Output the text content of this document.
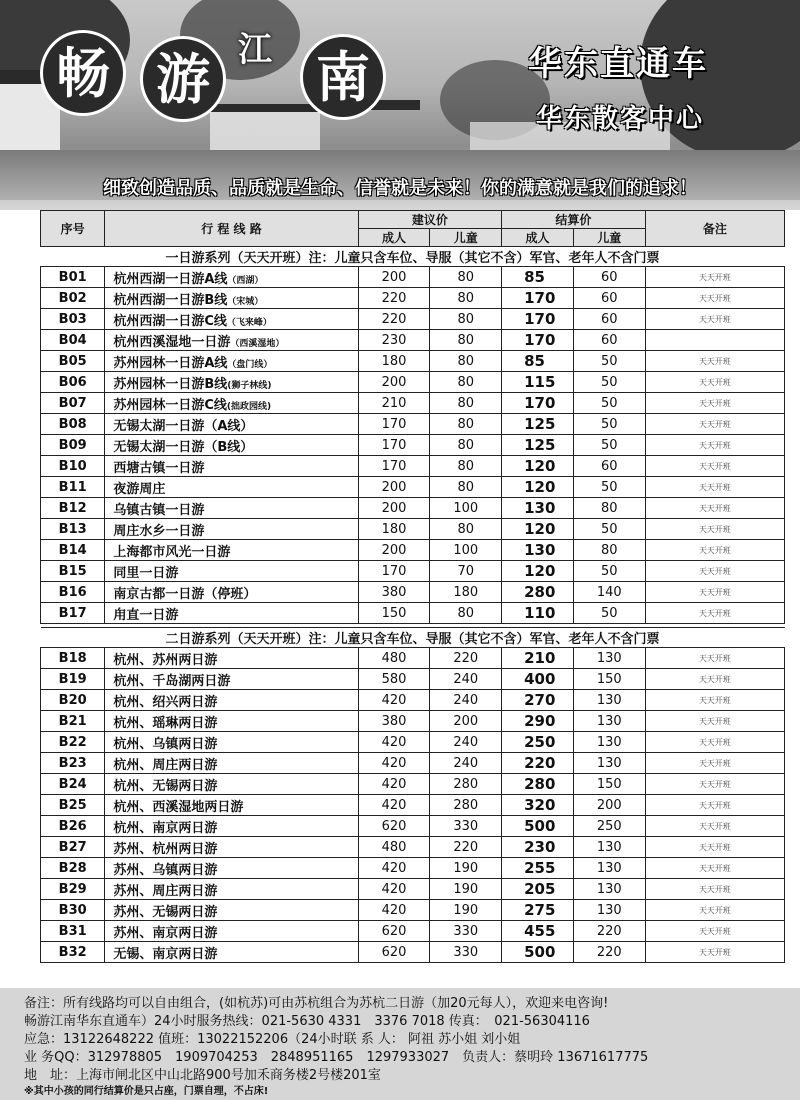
畅 游 江 南	华东直通车
华东散客中心
细致创造品质、品质就是生命、信誉就是未来！你的满意就是我们的追求！
序号	行 程 线 路	建议价		结算价		备注
		成人	儿童	成人	儿童	
一日游系列（天天开班）注：儿童只含车位、导服（其它不含）军官、老年人不含门票						
B01	杭州西湖一日游A线（西湖）	200	80	85	60	天天开班
B02	杭州西湖一日游B线（宋城）	220	80	170	60	天天开班
B03	杭州西湖一日游C线（飞来峰）	220	80	170	60	天天开班
B04	杭州西溪湿地一日游（西溪湿地）	230	80	170	60	
B05	苏州园林一日游A线（盘门线）	180	80	85	50	天天开班
B06	苏州园林一日游B线(狮子林线)	200	80	115	50	天天开班
B07	苏州园林一日游C线(拙政园线)	210	80	170	50	天天开班
B08	无锡太湖一日游（A线）	170	80	125	50	天天开班
B09	无锡太湖一日游（B线）	170	80	125	50	天天开班
B10	西塘古镇一日游	170	80	120	60	天天开班
B11	夜游周庄	200	80	120	50	天天开班
B12	乌镇古镇一日游	200	100	130	80	天天开班
B13	周庄水乡一日游	180	80	120	50	天天开班
B14	上海都市风光一日游	200	100	130	80	天天开班
B15	同里一日游	170	70	120	50	天天开班
B16	南京古都一日游（停班）	380	180	280	140	天天开班
B17	甪直一日游	150	80	110	50	天天开班

二日游系列（天天开班）注：儿童只含车位、导服（其它不含）军官、老年人不含门票						
B18	杭州、苏州两日游	480	220	210	130	天天开班
B19	杭州、千岛湖两日游	580	240	400	150	天天开班
B20	杭州、绍兴两日游	420	240	270	130	天天开班
B21	杭州、瑶琳两日游	380	200	290	130	天天开班
B22	杭州、乌镇两日游	420	240	250	130	天天开班
B23	杭州、周庄两日游	420	240	220	130	天天开班
B24	杭州、无锡两日游	420	280	280	150	天天开班
B25	杭州、西溪湿地两日游	420	280	320	200	天天开班
B26	杭州、南京两日游	620	330	500	250	天天开班
B27	苏州、杭州两日游	480	220	230	130	天天开班
B28	苏州、乌镇两日游	420	190	255	130	天天开班
B29	苏州、周庄两日游	420	190	205	130	天天开班
B30	苏州、无锡两日游	420	190	275	130	天天开班
B31	苏州、南京两日游	620	330	455	220	天天开班
B32	无锡、南京两日游	620	330	500	220	天天开班
备注：所有线路均可以自由组合，(如杭苏)可由苏杭组合为苏杭二日游（加20元每人），欢迎来电咨询!
畅游江南华东直通车）24小时服务热线：021-5630 4331　3376 7018 传真：　021-56304116
应急：13122648222 值班：13022152206（24小时联 系 人： 阿祖 苏小姐 刘小姐
业 务QQ：312978805　1909704253　2848951165　1297933027　负责人：蔡明玲 13671617775
地　址：上海市闸北区中山北路900号加禾商务楼2号楼201室
※其中小孩的同行结算价是只占座，门票自理，不占床!
